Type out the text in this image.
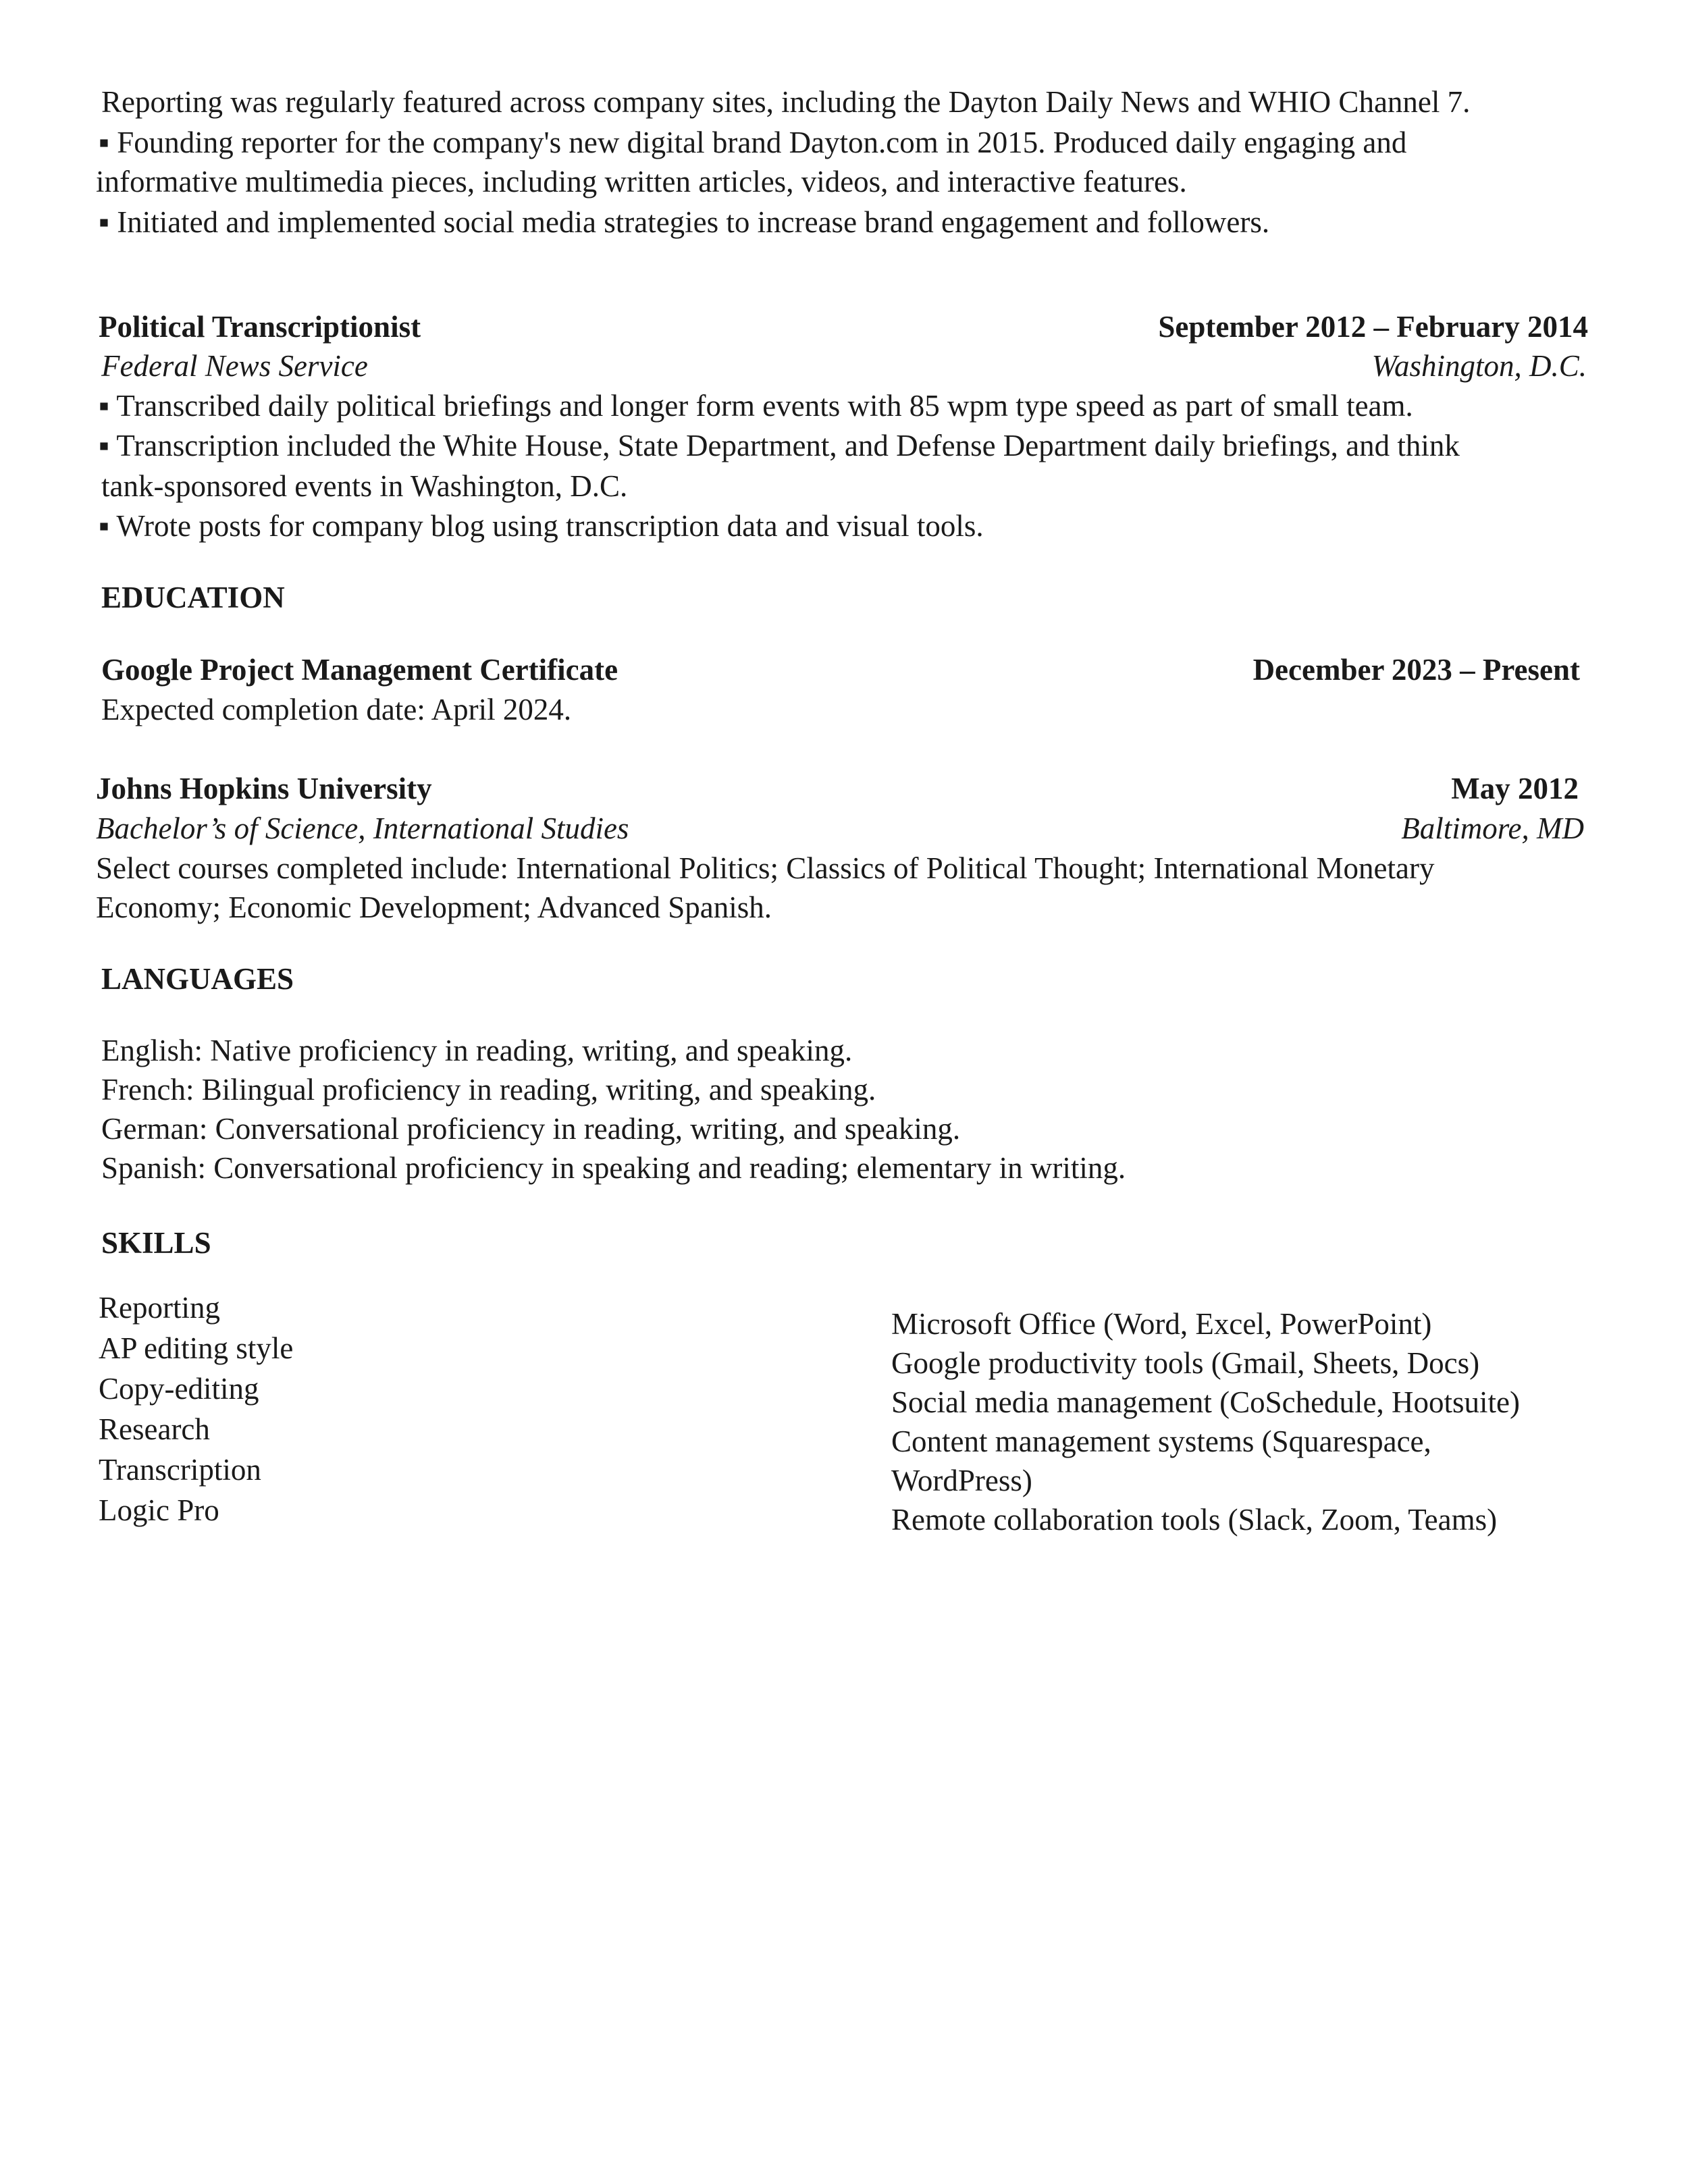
Reporting was regularly featured across company sites, including the Dayton Daily News and WHIO Channel 7.
▪ Founding reporter for the company's new digital brand Dayton.com in 2015. Produced daily engaging and
informative multimedia pieces, including written articles, videos, and interactive features.
▪ Initiated and implemented social media strategies to increase brand engagement and followers.
Political Transcriptionist	September 2012 – February 2014
Federal News Service	Washington, D.C.
▪ Transcribed daily political briefings and longer form events with 85 wpm type speed as part of small team.
▪ Transcription included the White House, State Department, and Defense Department daily briefings, and think
tank-sponsored events in Washington, D.C.
▪ Wrote posts for company blog using transcription data and visual tools.
EDUCATION
Google Project Management Certificate	December 2023 – Present
Expected completion date: April 2024.
Johns Hopkins University	May 2012
Bachelor’s of Science, International Studies	Baltimore, MD
Select courses completed include: International Politics; Classics of Political Thought; International Monetary
Economy; Economic Development; Advanced Spanish.
LANGUAGES
English: Native proficiency in reading, writing, and speaking.
French: Bilingual proficiency in reading, writing, and speaking.
German: Conversational proficiency in reading, writing, and speaking.
Spanish: Conversational proficiency in speaking and reading; elementary in writing.
SKILLS
Reporting
AP editing style
Copy-editing
Research
Transcription
Logic Pro
Microsoft Office (Word, Excel, PowerPoint)
Google productivity tools (Gmail, Sheets, Docs)
Social media management (CoSchedule, Hootsuite)
Content management systems (Squarespace,
WordPress)
Remote collaboration tools (Slack, Zoom, Teams)
